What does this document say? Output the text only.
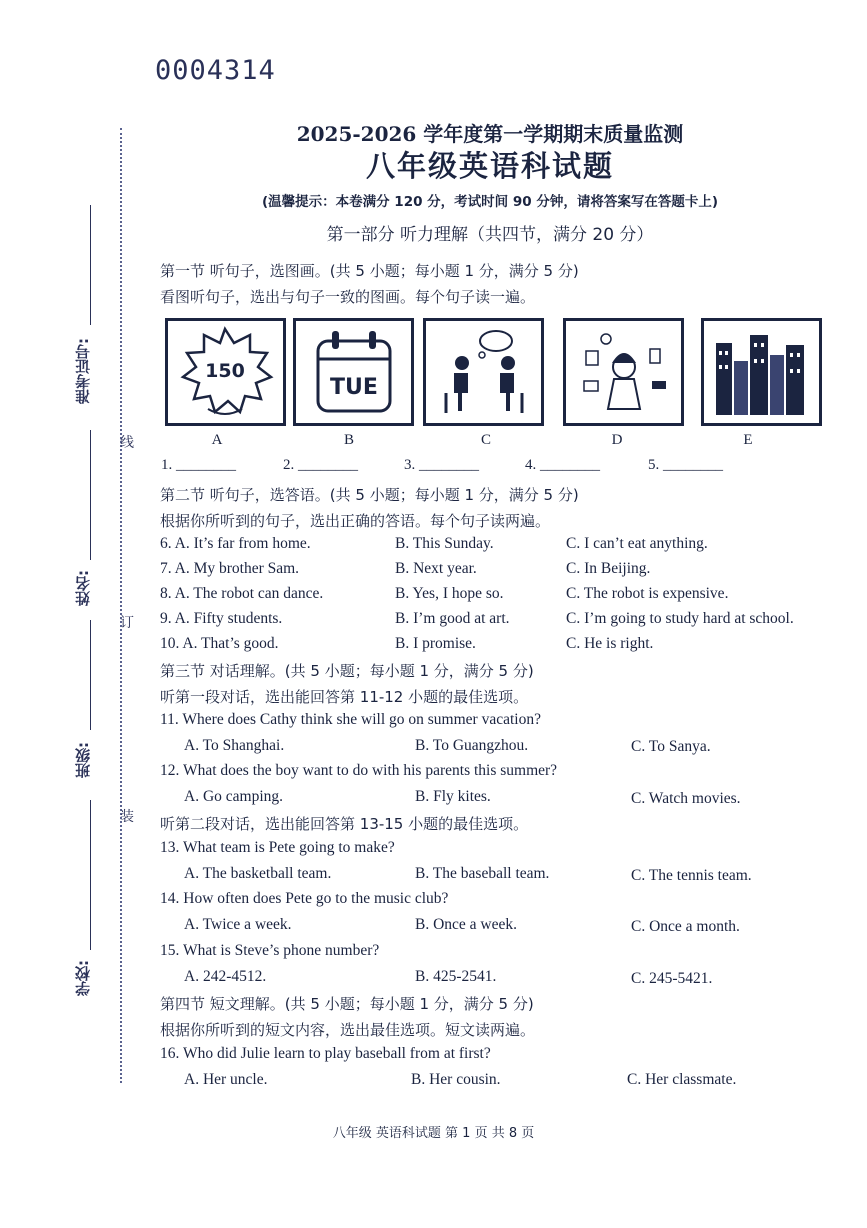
0004314
线
订
装
准考证号:
姓名:
班级:
学校:
2025-2026 学年度第一学期期末质量监测
八年级英语科试题
(温馨提示：本卷满分 120 分，考试时间 90 分钟，请将答案写在答题卡上)
第一部分 听力理解（共四节，满分 20 分）
第一节 听句子，选图画。(共 5 小题；每小题 1 分，满分 5 分)
看图听句子，选出与句子一致的图画。每个句子读一遍。
150
TUE
A	B	C	D	E
1. ________	2. ________	3. ________	4. ________	5. ________
第二节 听句子，选答语。(共 5 小题；每小题 1 分，满分 5 分)
根据你所听到的句子，选出正确的答语。每个句子读两遍。
6. A. It’s far from home.	B. This Sunday.	C. I can’t eat anything.
7. A. My brother Sam.	B. Next year.	C. In Beijing.
8. A. The robot can dance.	B. Yes, I hope so.	C. The robot is expensive.
9. A. Fifty students.	B. I’m good at art.	C. I’m going to study hard at school.
10. A. That’s good.	B. I promise.	C. He is right.
第三节 对话理解。(共 5 小题；每小题 1 分，满分 5 分)
听第一段对话，选出能回答第 11-12 小题的最佳选项。
11. Where does Cathy think she will go on summer vacation?
A. To Shanghai.	B. To Guangzhou.	C. To Sanya.
12. What does the boy want to do with his parents this summer?
A. Go camping.	B. Fly kites.	C. Watch movies.
听第二段对话，选出能回答第 13-15 小题的最佳选项。
13. What team is Pete going to make?
A. The basketball team.	B. The baseball team.	C. The tennis team.
14. How often does Pete go to the music club?
A. Twice a week.	B. Once a week.	C. Once a month.
15. What is Steve’s phone number?
A. 242-4512.	B. 425-2541.	C. 245-5421.
第四节 短文理解。(共 5 小题；每小题 1 分，满分 5 分)
根据你所听到的短文内容，选出最佳选项。短文读两遍。
16. Who did Julie learn to play baseball from at first?
A. Her uncle.	B. Her cousin.	C. Her classmate.
八年级 英语科试题 第 1 页 共 8 页
